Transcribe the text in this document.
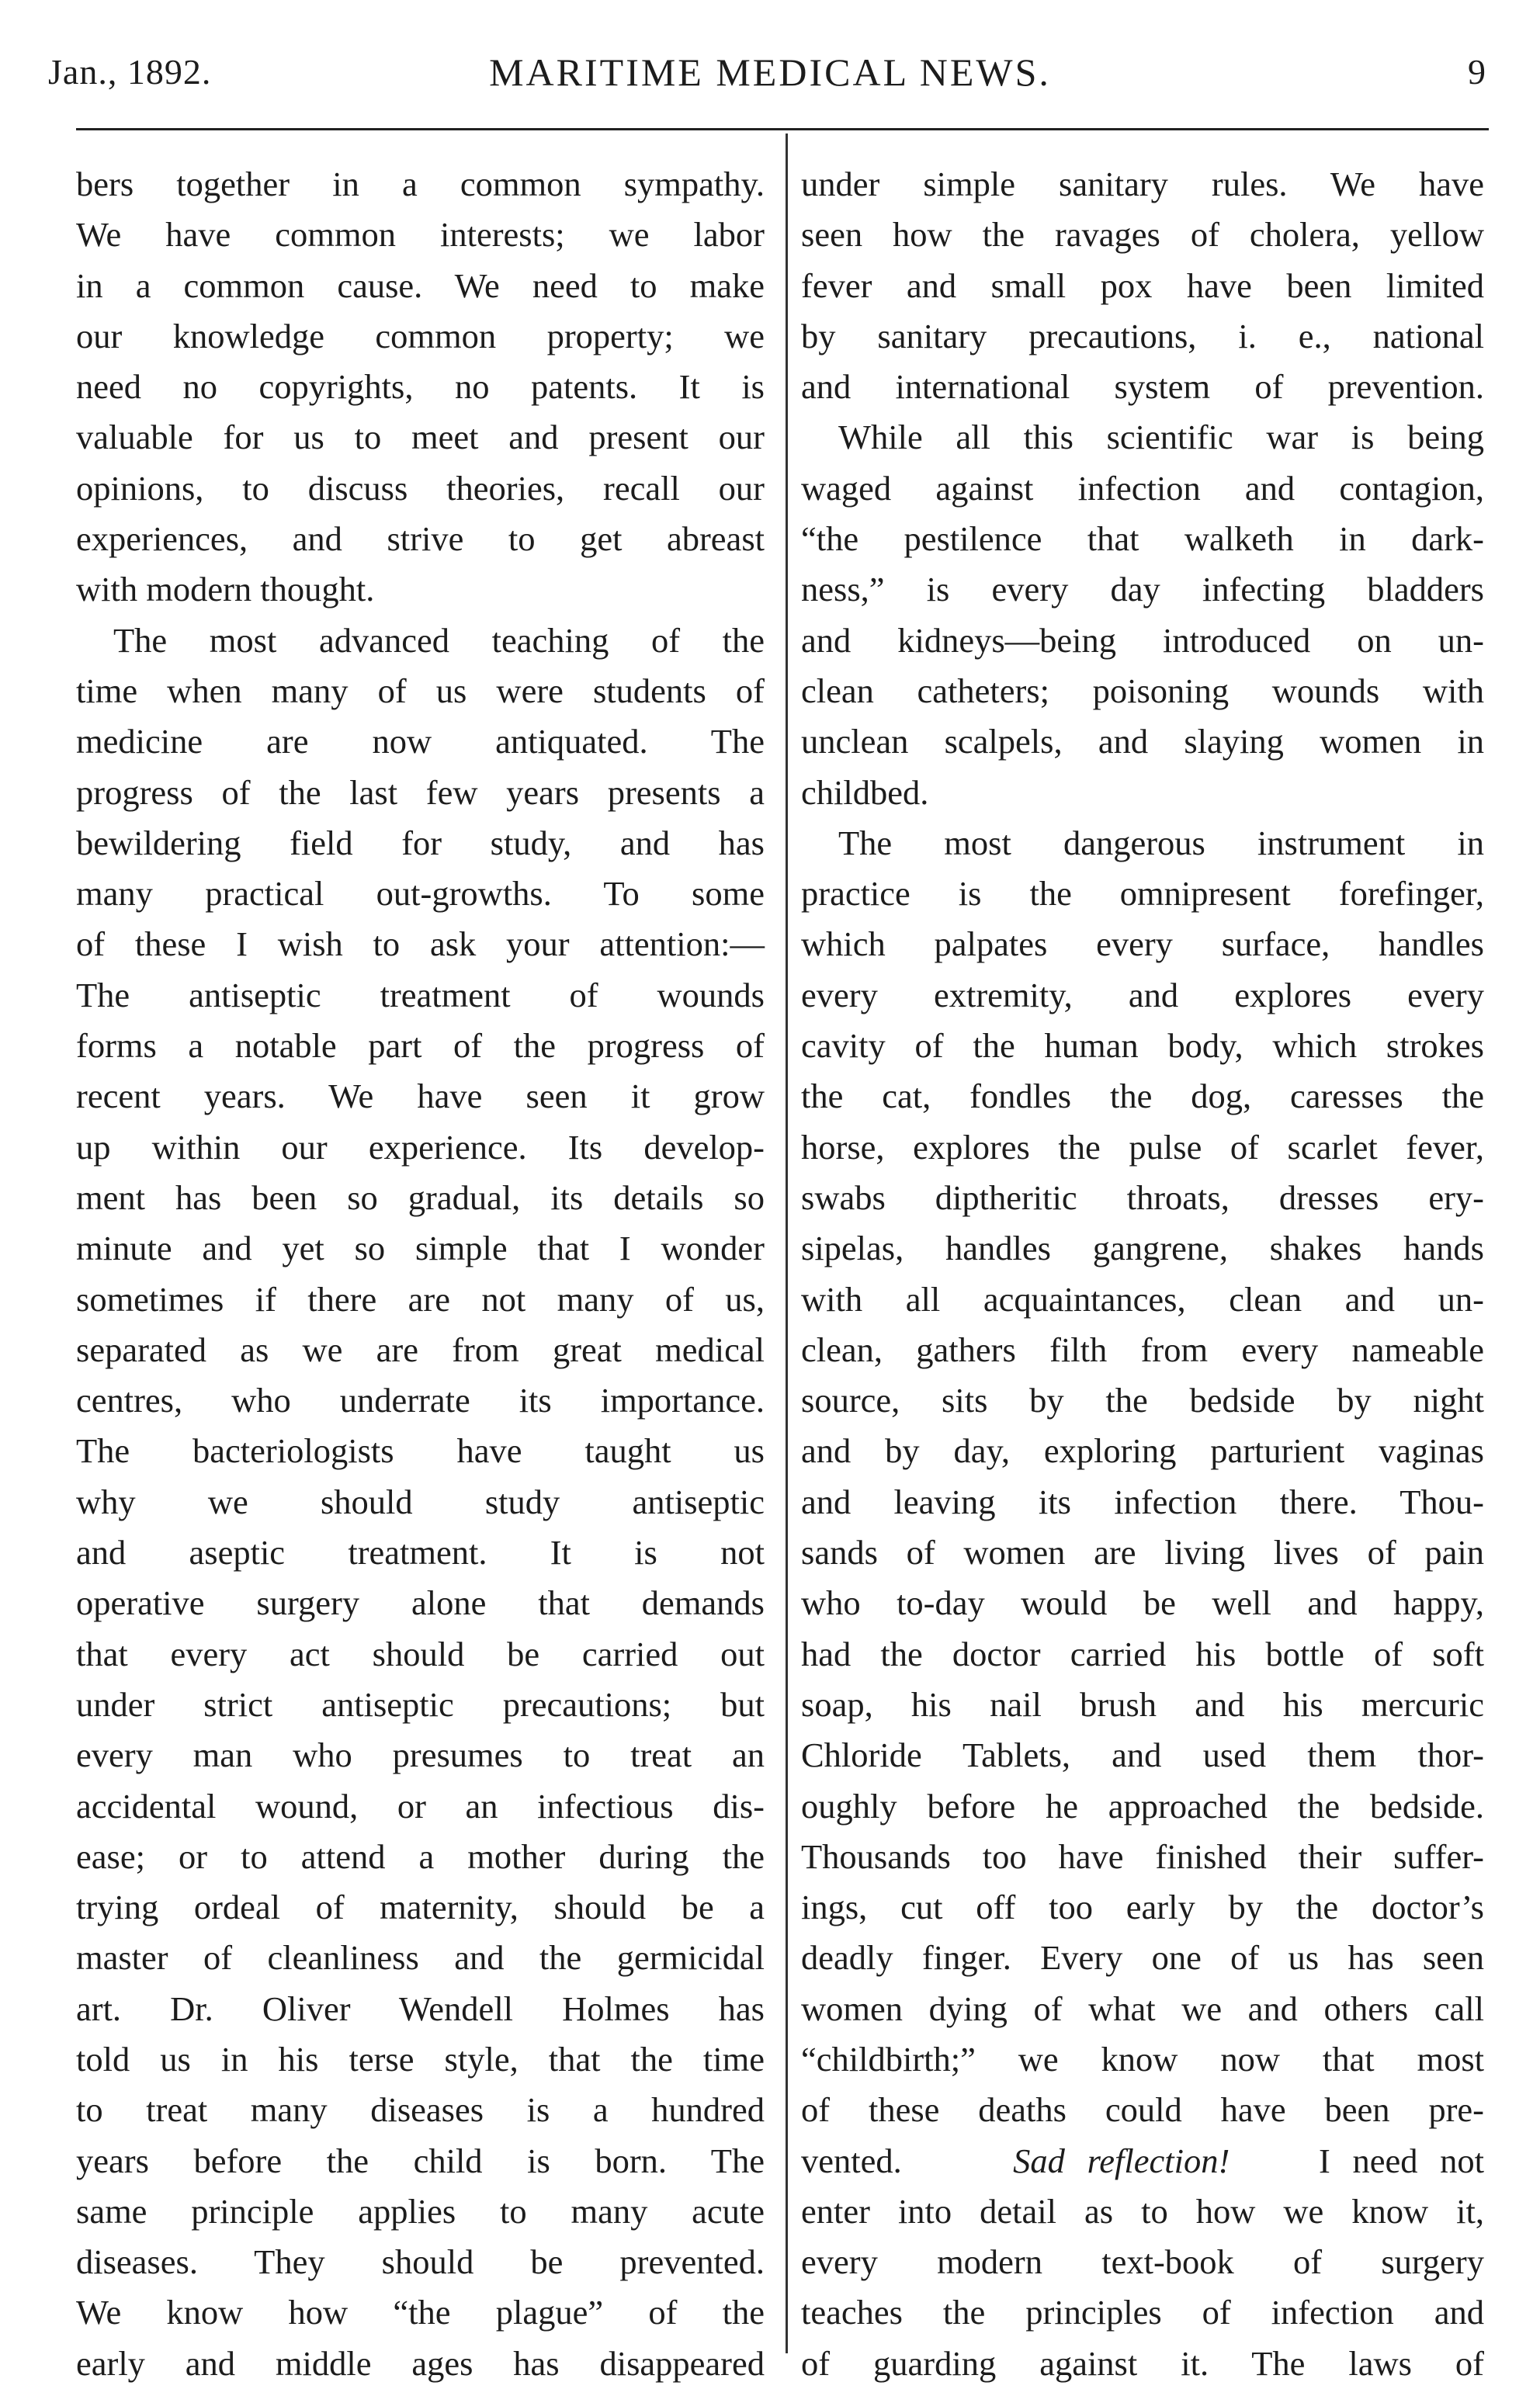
Jan., 1892.	MARITIME MEDICAL NEWS.	9
bers together in a common sympathy.
We have common interests; we labor
in a common cause. We need to make
our knowledge common property; we
need no copyrights, no patents. It is
valuable for us to meet and present our
opinions, to discuss theories, recall our
experiences, and strive to get abreast
with modern thought.
The most advanced teaching of the
time when many of us were students of
medicine are now antiquated. The
progress of the last few years presents a
bewildering field for study, and has
many practical out-growths. To some
of these I wish to ask your attention:—
The antiseptic treatment of wounds
forms a notable part of the progress of
recent years. We have seen it grow
up within our experience. Its develop-
ment has been so gradual, its details so
minute and yet so simple that I wonder
sometimes if there are not many of us,
separated as we are from great medical
centres, who underrate its importance.
The bacteriologists have taught us
why we should study antiseptic
and aseptic treatment. It is not
operative surgery alone that demands
that every act should be carried out
under strict antiseptic precautions; but
every man who presumes to treat an
accidental wound, or an infectious dis-
ease; or to attend a mother during the
trying ordeal of maternity, should be a
master of cleanliness and the germicidal
art. Dr. Oliver Wendell Holmes has
told us in his terse style, that the time
to treat many diseases is a hundred
years before the child is born. The
same principle applies to many acute
diseases. They should be prevented.
We know how “the plague” of the
early and middle ages has disappeared
under simple sanitary rules. We have
seen how the ravages of cholera, yellow
fever and small pox have been limited
by sanitary precautions, i. e., national
and international system of prevention.
While all this scientific war is being
waged against infection and contagion,
“the pestilence that walketh in dark-
ness,” is every day infecting bladders
and kidneys—being introduced on un-
clean catheters; poisoning wounds with
unclean scalpels, and slaying women in
childbed.
The most dangerous instrument in
practice is the omnipresent forefinger,
which palpates every surface, handles
every extremity, and explores every
cavity of the human body, which strokes
the cat, fondles the dog, caresses the
horse, explores the pulse of scarlet fever,
swabs diptheritic throats, dresses ery-
sipelas, handles gangrene, shakes hands
with all acquaintances, clean and un-
clean, gathers filth from every nameable
source, sits by the bedside by night
and by day, exploring parturient vaginas
and leaving its infection there. Thou-
sands of women are living lives of pain
who to-day would be well and happy,
had the doctor carried his bottle of soft
soap, his nail brush and his mercuric
Chloride Tablets, and used them thor-
oughly before he approached the bedside.
Thousands too have finished their suffer-
ings, cut off too early by the doctor’s
deadly finger. Every one of us has seen
women dying of what we and others call
“childbirth;” we know now that most
of these deaths could have been pre-
vented.	Sad reflection!	I need not
enter into detail as to how we know it,
every modern text-book of surgery
teaches the principles of infection and
of guarding against it. The laws of
